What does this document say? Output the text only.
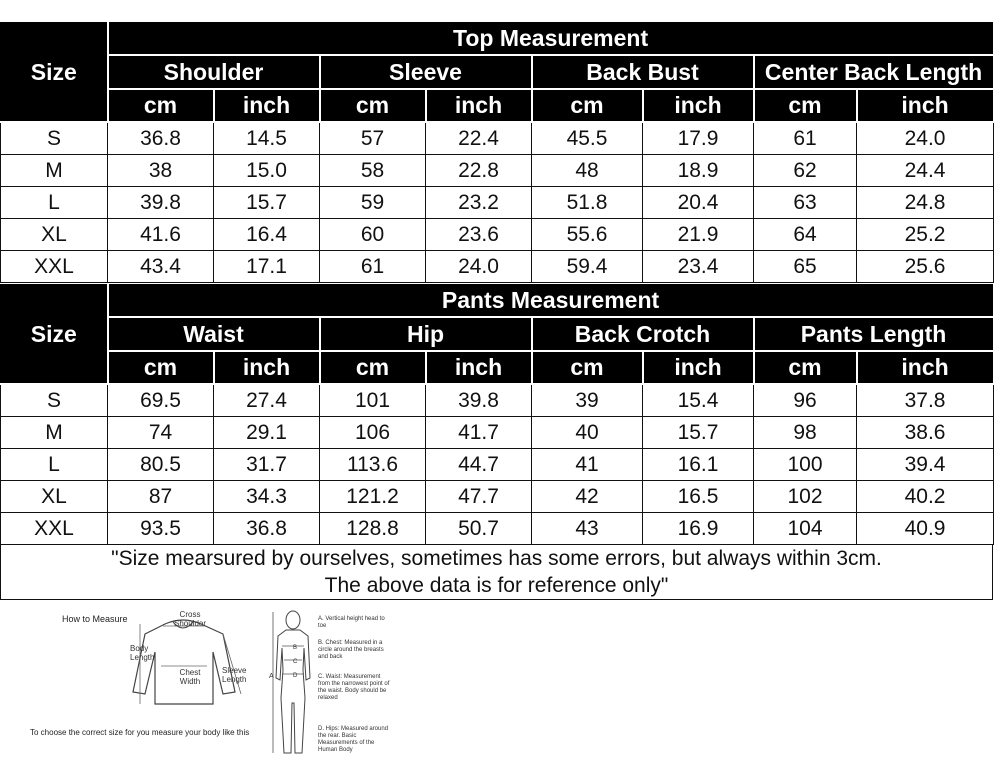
Size	Top Measurement							
	Shoulder		Sleeve		Back Bust		Center Back Length	
	cm	inch	cm	inch	cm	inch	cm	inch
S	36.8	14.5	57	22.4	45.5	17.9	61	24.0
M	38	15.0	58	22.8	48	18.9	62	24.4
L	39.8	15.7	59	23.2	51.8	20.4	63	24.8
XL	41.6	16.4	60	23.6	55.6	21.9	64	25.2
XXL	43.4	17.1	61	24.0	59.4	23.4	65	25.6
Size	Pants Measurement							
	Waist		Hip		Back Crotch		Pants Length	
	cm	inch	cm	inch	cm	inch	cm	inch
S	69.5	27.4	101	39.8	39	15.4	96	37.8
M	74	29.1	106	41.7	40	15.7	98	38.6
L	80.5	31.7	113.6	44.7	41	16.1	100	39.4
XL	87	34.3	121.2	47.7	42	16.5	102	40.2
XXL	93.5	36.8	128.8	50.7	43	16.9	104	40.9
"Size mearsured by ourselves, sometimes has some errors, but always within 3cm.
The above data is for reference only"
How to Measure	Cross Shoulder
Body Length
Chest Width
Sleeve Length
To choose the correct size for you measure your body like this
B
C
D
A
A. Vertical height head to toe
B. Chest: Measured in a circle around the breasts and back
C. Waist: Measurement from the narrowest point of the waist. Body should be relaxed
D. Hips: Measured around the rear. Basic Measurements of the Human Body
